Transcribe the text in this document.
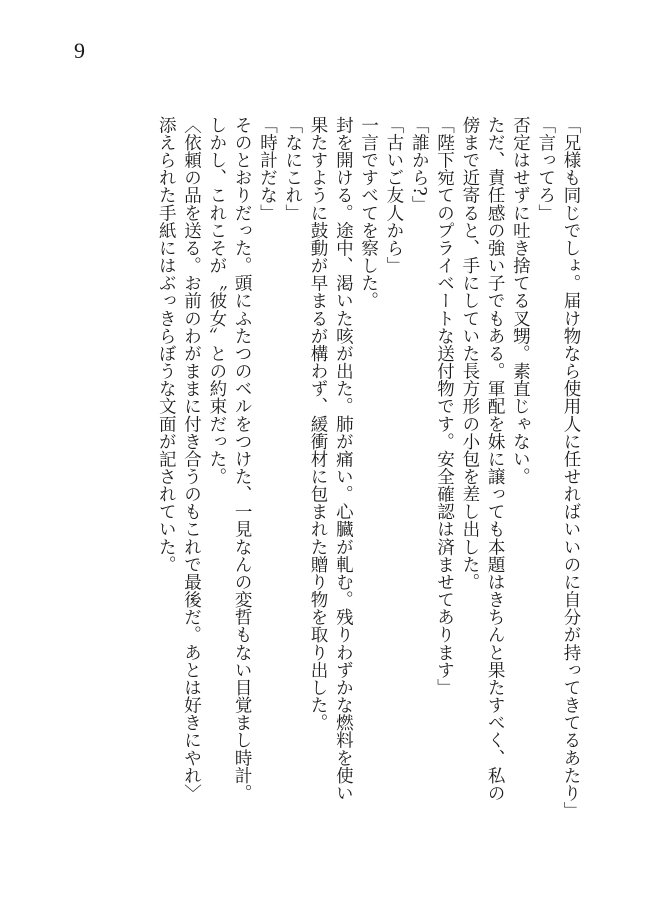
9

「兄様も同じでしょ。届け物なら使用人に任せればいいのに自分が持ってきてるあたり」

「言ってろ」

否定はせずに吐き捨てる叉甥。素直じゃない。

ただ、責任感の強い子でもある。軍配を妹に譲っても本題はきちんと果たすべく、私の

傍まで近寄ると、手にしていた長方形の小包を差し出した。

「陛下宛てのプライベートな送付物です。安全確認は済ませてあります」

「誰から?」

「古いご友人から」

一言ですべてを察した。

封を開ける。途中、渇いた咳が出た。肺が痛い。心臓が軋む。残りわずかな燃料を使い

果たすように鼓動が早まるが構わず、緩衝材に包まれた贈り物を取り出した。

「なにこれ」

「時計だな」

そのとおりだった。頭にふたつのベルをつけた、一見なんの変哲もない目覚まし時計。

しかし、これこそが〝彼女〟との約束だった。

〈依頼の品を送る。お前のわがままに付き合うのもこれで最後だ。あとは好きにやれ〉

添えられた手紙にはぶっきらぼうな文面が記されていた。
